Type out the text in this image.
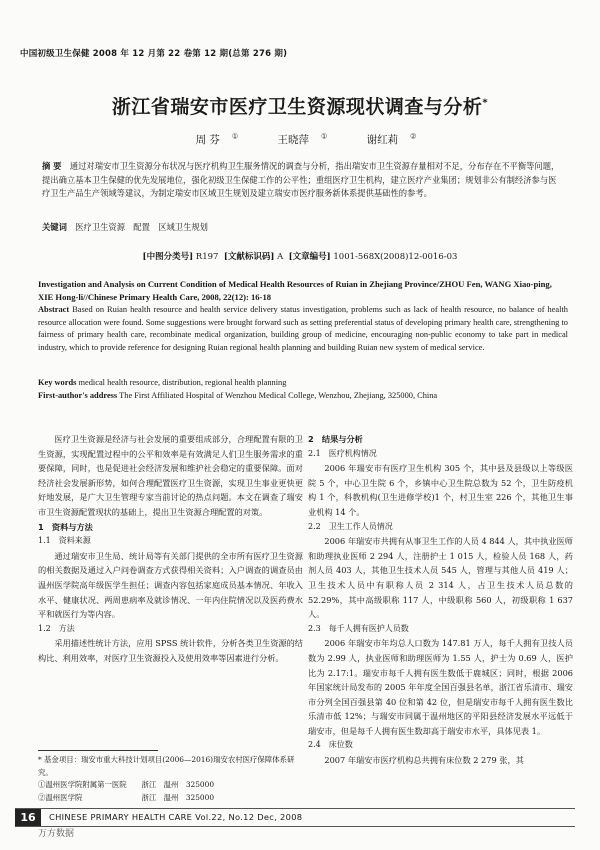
中国初级卫生保健 2008 年 12 月第 22 卷第 12 期(总第 276 期)
浙江省瑞安市医疗卫生资源现状调查与分析*
周 芬 ①	王晓萍 ①	谢红莉 ②
摘 要　 通过对瑞安市卫生资源分布状况与医疗机构卫生服务情况的调查与分析，指出瑞安市卫生资源存量相对不足，分布存在不平衡等问题，提出确立基本卫生保健的优先发展地位，强化初级卫生保健工作的公平性；重组医疗卫生机构，建立医疗产业集团；规划非公有制经济参与医疗卫生产品生产领域等建议，为制定瑞安市区域卫生规划及建立瑞安市医疗服务新体系提供基础性的参考。
关键词　 医疗卫生资源　配置　区域卫生规划
[中图分类号] R197 [文献标识码] A [文章编号] 1001-568X(2008)12-0016-03
Investigation and Analysis on Current Condition of Medical Health Resources of Ruian in Zhejiang Province/ZHOU Fen, WANG Xiao-ping, XIE Hong-li//Chinese Primary Health Care, 2008, 22(12): 16-18
Abstract Based on Ruian health resource and health service delivery status investigation, problems such as lack of health resource, no balance of health resource allocation were found. Some suggestions were brought forward such as setting preferential status of developing primary health care, strengthening to fairness of primary health care, recombinate medical organization, building group of medicine, encouraging non-public economy to take part in medical industry, which to provide reference for designing Ruian regional health planning and building Ruian new system of medical service.
Key words medical health resource, distribution, regional health planning
First-author's address The First Affiliated Hospital of Wenzhou Medical College, Wenzhou, Zhejiang, 325000, China

医疗卫生资源是经济与社会发展的重要组成部分，合理配置有限的卫生资源，实现配置过程中的公平和效率是有效满足人们卫生服务需求的重要保障，同时，也是促进社会经济发展和维护社会稳定的重要保障。面对经济社会发展新形势，如何合理配置医疗卫生资源，实现卫生事业更快更好地发展，是广大卫生管理专家当前讨论的热点问题。本文在调查了瑞安市卫生资源配置现状的基础上，提出卫生资源合理配置的对策。

1　资料与方法

1.1　资料来源

通过瑞安市卫生局、统计局等有关部门提供的全市所有医疗卫生资源的相关数据及通过入户问卷调查方式获得相关资料；入户调查的调查员由温州医学院高年级医学生担任；调查内容包括家庭成员基本情况、年收入水平、健康状况、两周患病率及就诊情况、一年内住院情况以及医药费水平和就医行为等内容。

1.2　方法

采用描述性统计方法，应用 SPSS 统计软件，分析各类卫生资源的结构比、利用效率，对医疗卫生资源投入及使用效率等因素进行分析。

2　结果与分析

2.1　医疗机构情况

2006 年瑞安市有医疗卫生机构 305 个，其中县及县级以上等级医院 5 个，中心卫生院 6 个，乡镇中心卫生院总数为 52 个，卫生防疫机构 1 个，科教机构(卫生进修学校)1 个，村卫生室 226 个，其他卫生事业机构 14 个。

2.2　卫生工作人员情况

2006 年瑞安市共拥有从事卫生工作的人员 4 844 人，其中执业医师和助理执业医师 2 294 人，注册护士 1 015 人，检验人员 168 人，药剂人员 403 人，其他卫生技术人员 545 人，管理与其他人员 419 人；卫生技术人员中有职称人员 2 314 人，占卫生技术人员总数的 52.29%，其中高级职称 117 人，中级职称 560 人，初级职称 1 637 人。

2.3　每千人拥有医护人员数

2006 年瑞安市年均总人口数为 147.81 万人，每千人拥有卫技人员数为 2.99 人，执业医师和助理医师为 1.55 人，护士为 0.69 人，医护比为 2.17:1。瑞安市每千人拥有医生数低于鹿城区；同时，根据 2006 年国家统计局发布的 2005 年年度全国百强县名单，浙江省乐清市、瑞安市分列全国百强县第 40 位和第 42 位，但是瑞安市每千人拥有医生数比乐清市低 12%；与瑞安市同属于温州地区的平阳县经济发展水平远低于瑞安市，但是每千人拥有医生数却高于瑞安市水平，具体见表 1。

2.4　床位数

2007 年瑞安市医疗机构总共拥有床位数 2 279 张，其

* 基金项目：瑞安市重大科技计划项目(2006—2016)瑞安农村医疗保障体系研究。
①温州医学院附属第一医院　　浙江　温州　325000
②温州医学院　　　　　　　　浙江　温州　325000
16	CHINESE PRIMARY HEALTH CARE Vol.22, No.12 Dec, 2008
万方数据
